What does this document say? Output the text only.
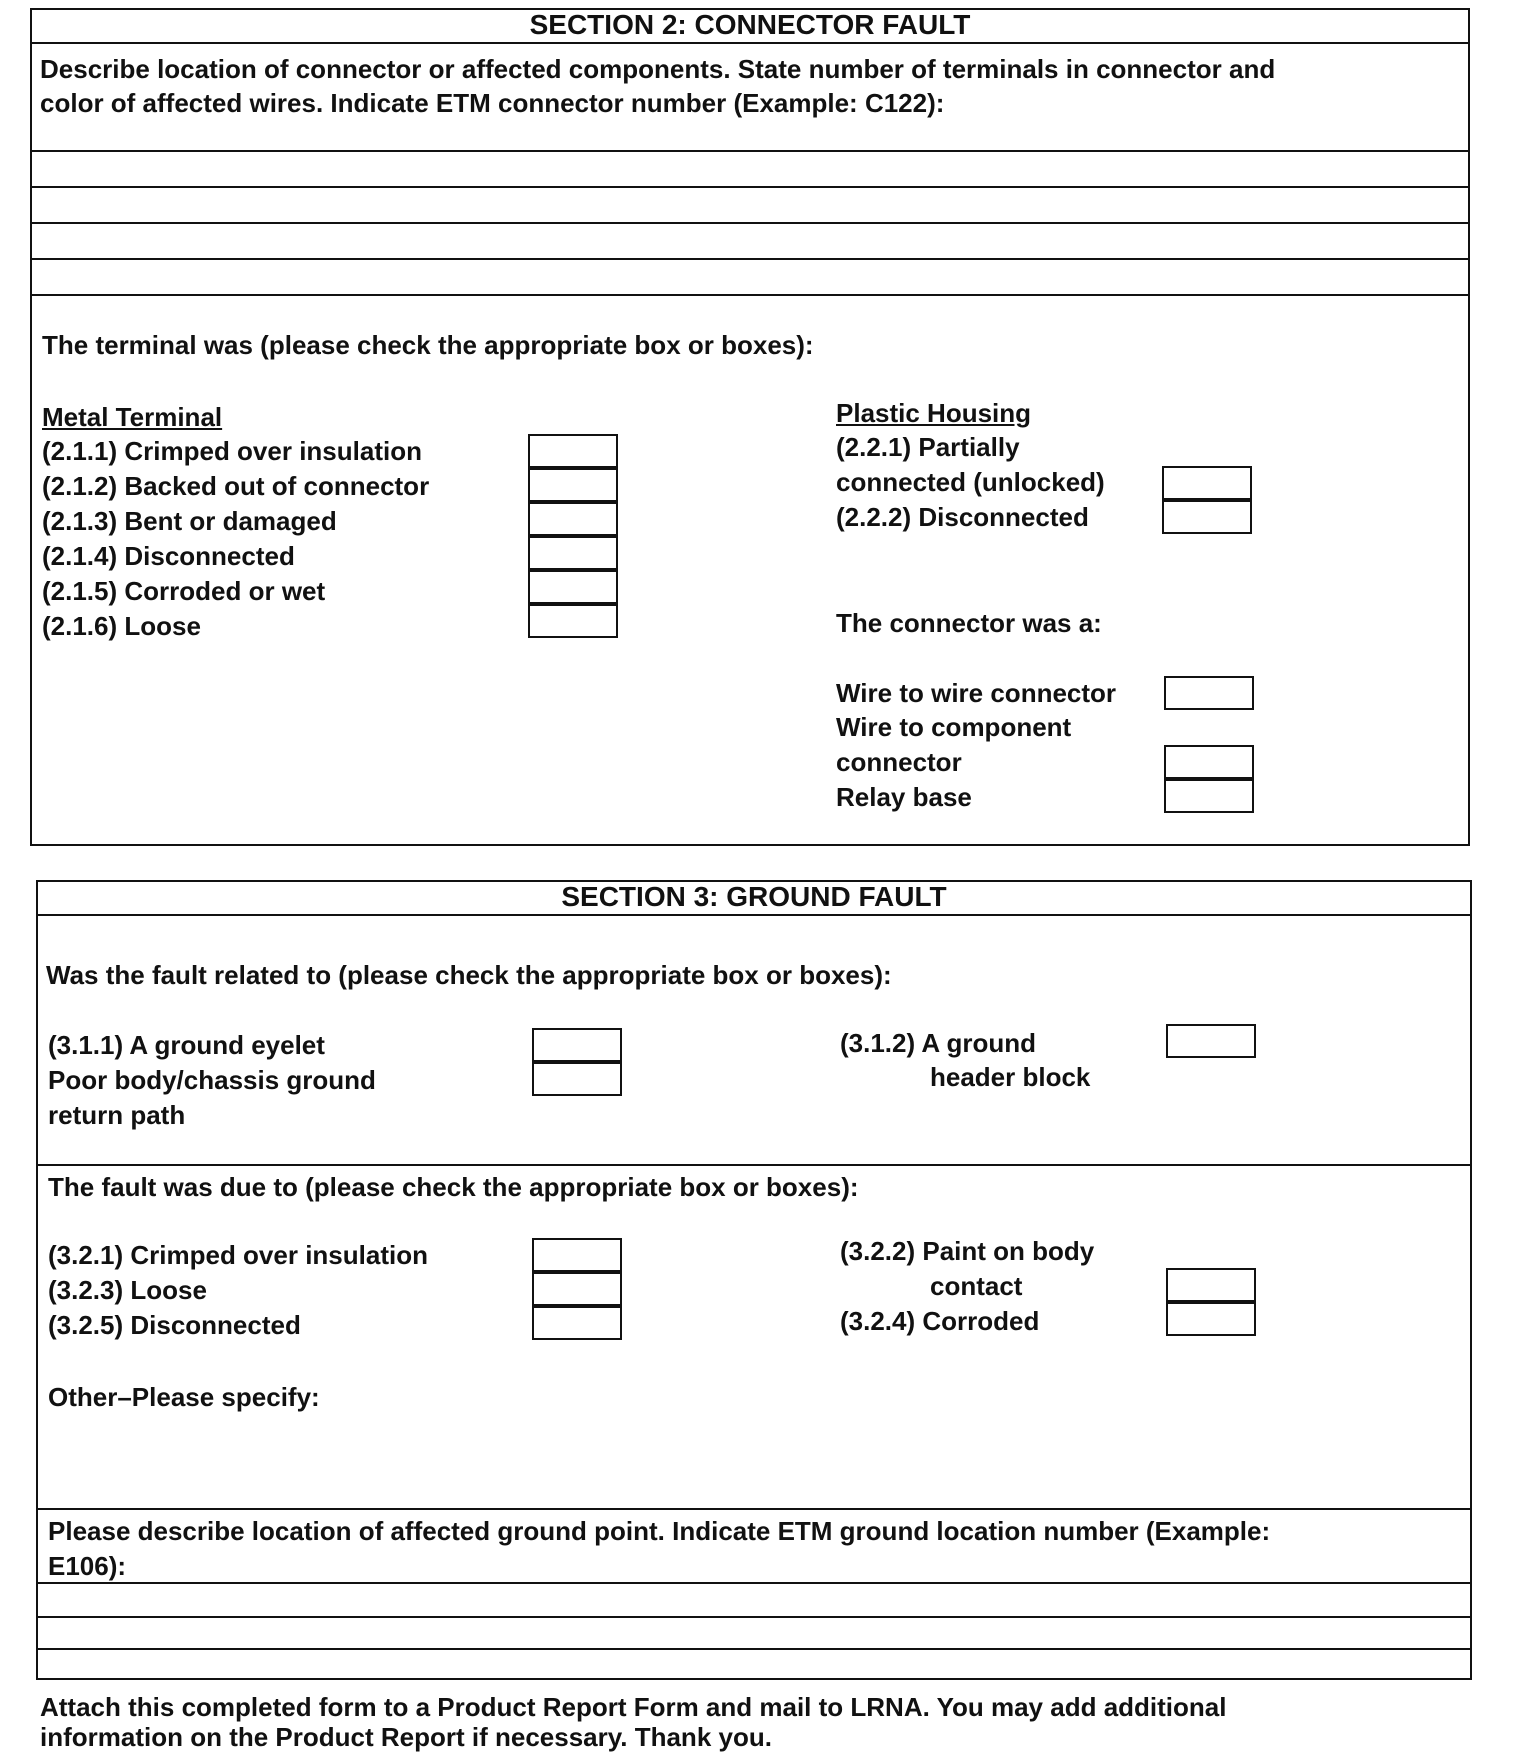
SECTION 2: CONNECTOR FAULT
Describe location of connector or affected components. State number of terminals in connector and
color of affected wires. Indicate ETM connector number (Example: C122):
The terminal was (please check the appropriate box or boxes):
Metal Terminal
(2.1.1) Crimped over insulation
(2.1.2) Backed out of connector
(2.1.3) Bent or damaged
(2.1.4) Disconnected
(2.1.5) Corroded or wet
(2.1.6) Loose
Plastic Housing
(2.2.1) Partially
connected (unlocked)
(2.2.2) Disconnected
The connector was a:
Wire to wire connector
Wire to component
connector
Relay base
SECTION 3: GROUND FAULT
Was the fault related to (please check the appropriate box or boxes):
(3.1.1) A ground eyelet
Poor body/chassis ground
return path
(3.1.2) A ground
header block
The fault was due to (please check the appropriate box or boxes):
(3.2.1) Crimped over insulation
(3.2.3) Loose
(3.2.5) Disconnected
(3.2.2) Paint on body
contact
(3.2.4) Corroded
Other–Please specify:
Please describe location of affected ground point. Indicate ETM ground location number (Example:
E106):
Attach this completed form to a Product Report Form and mail to LRNA. You may add additional
information on the Product Report if necessary. Thank you.
